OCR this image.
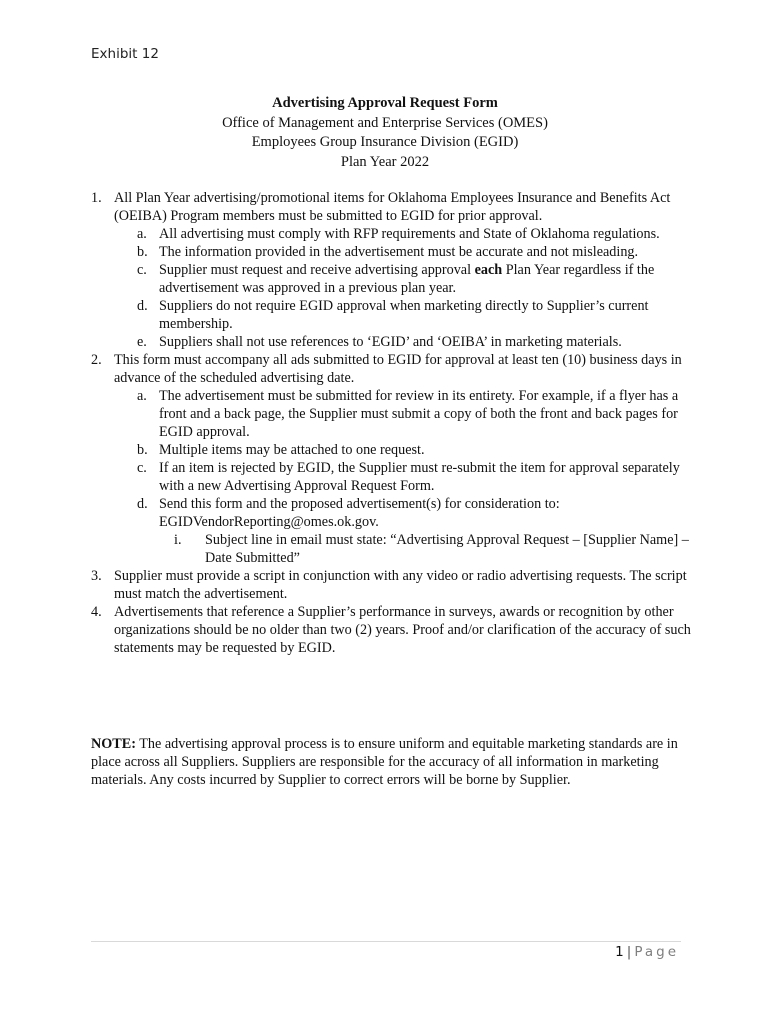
Exhibit 12
Advertising Approval Request Form
Office of Management and Enterprise Services (OMES)
Employees Group Insurance Division (EGID)
Plan Year 2022
1. All Plan Year advertising/promotional items for Oklahoma Employees Insurance and Benefits Act (OEIBA) Program members must be submitted to EGID for prior approval.
a. All advertising must comply with RFP requirements and State of Oklahoma regulations.
b. The information provided in the advertisement must be accurate and not misleading.
c. Supplier must request and receive advertising approval each Plan Year regardless if the advertisement was approved in a previous plan year.
d. Suppliers do not require EGID approval when marketing directly to Supplier’s current membership.
e. Suppliers shall not use references to ‘EGID’ and ‘OEIBA’ in marketing materials.
2. This form must accompany all ads submitted to EGID for approval at least ten (10) business days in advance of the scheduled advertising date.
a. The advertisement must be submitted for review in its entirety. For example, if a flyer has a front and a back page, the Supplier must submit a copy of both the front and back pages for EGID approval.
b. Multiple items may be attached to one request.
c. If an item is rejected by EGID, the Supplier must re-submit the item for approval separately with a new Advertising Approval Request Form.
d. Send this form and the proposed advertisement(s) for consideration to: EGIDVendorReporting@omes.ok.gov.
i. Subject line in email must state: “Advertising Approval Request – [Supplier Name] – Date Submitted”
3. Supplier must provide a script in conjunction with any video or radio advertising requests. The script must match the advertisement.
4. Advertisements that reference a Supplier’s performance in surveys, awards or recognition by other organizations should be no older than two (2) years. Proof and/or clarification of the accuracy of such statements may be requested by EGID.
NOTE: The advertising approval process is to ensure uniform and equitable marketing standards are in place across all Suppliers. Suppliers are responsible for the accuracy of all information in marketing materials. Any costs incurred by Supplier to correct errors will be borne by Supplier.
1 | Page
